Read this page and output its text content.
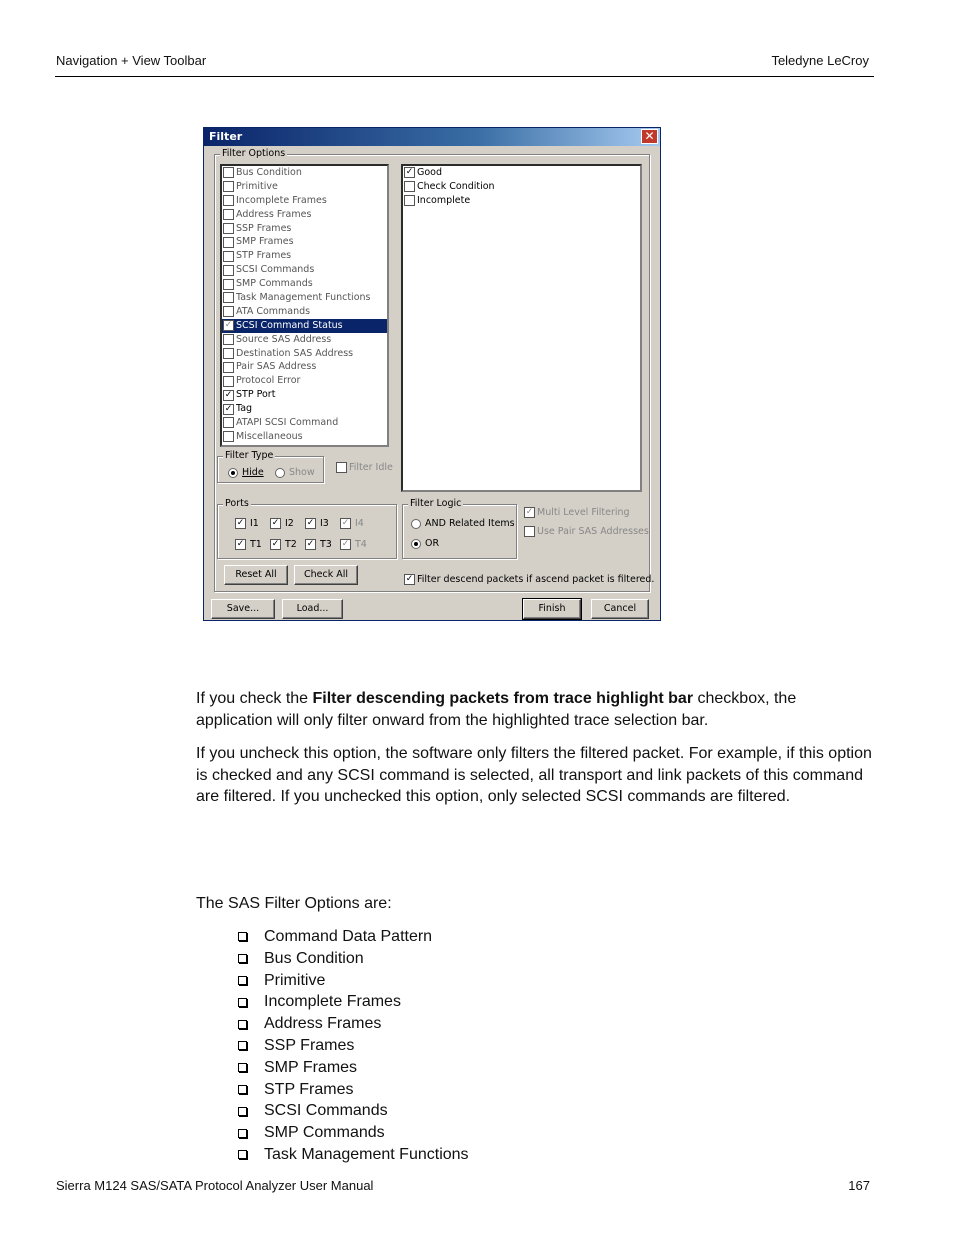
Navigation + View Toolbar	Teledyne LeCroy
Filter	✕
Filter Options
Bus Condition
Primitive
Incomplete Frames
Address Frames
SSP Frames
SMP Frames
STP Frames
SCSI Commands
SMP Commands
Task Management Functions
ATA Commands
✓ SCSI Command Status
Source SAS Address
Destination SAS Address
Pair SAS Address
Protocol Error
✓ STP Port
✓ Tag
ATAPI SCSI Command
Miscellaneous
✓ Good
Check Condition
Incomplete
Filter Type
Hide	Show	Filter Idle
Ports
✓ I1 ✓ I2 ✓ I3 ✓ I4
✓ T1 ✓ T2 ✓ T3 ✓ T4
Filter Logic
AND Related Items
OR
✓ Multi Level Filtering
Use Pair SAS Addresses
Reset All	Check All	✓ Filter descend packets if ascend packet is filtered.
Save...	Load...	Finish	Cancel
If you check the Filter descending packets from trace highlight bar checkbox, the application will only filter onward from the highlighted trace selection bar.
If you uncheck this option, the software only filters the filtered packet. For example, if this option is checked and any SCSI command is selected, all transport and link packets of this command are filtered. If you unchecked this option, only selected SCSI commands are filtered.
The SAS Filter Options are:
Command Data Pattern
Bus Condition
Primitive
Incomplete Frames
Address Frames
SSP Frames
SMP Frames
STP Frames
SCSI Commands
SMP Commands
Task Management Functions
Sierra M124 SAS/SATA Protocol Analyzer User Manual	167
